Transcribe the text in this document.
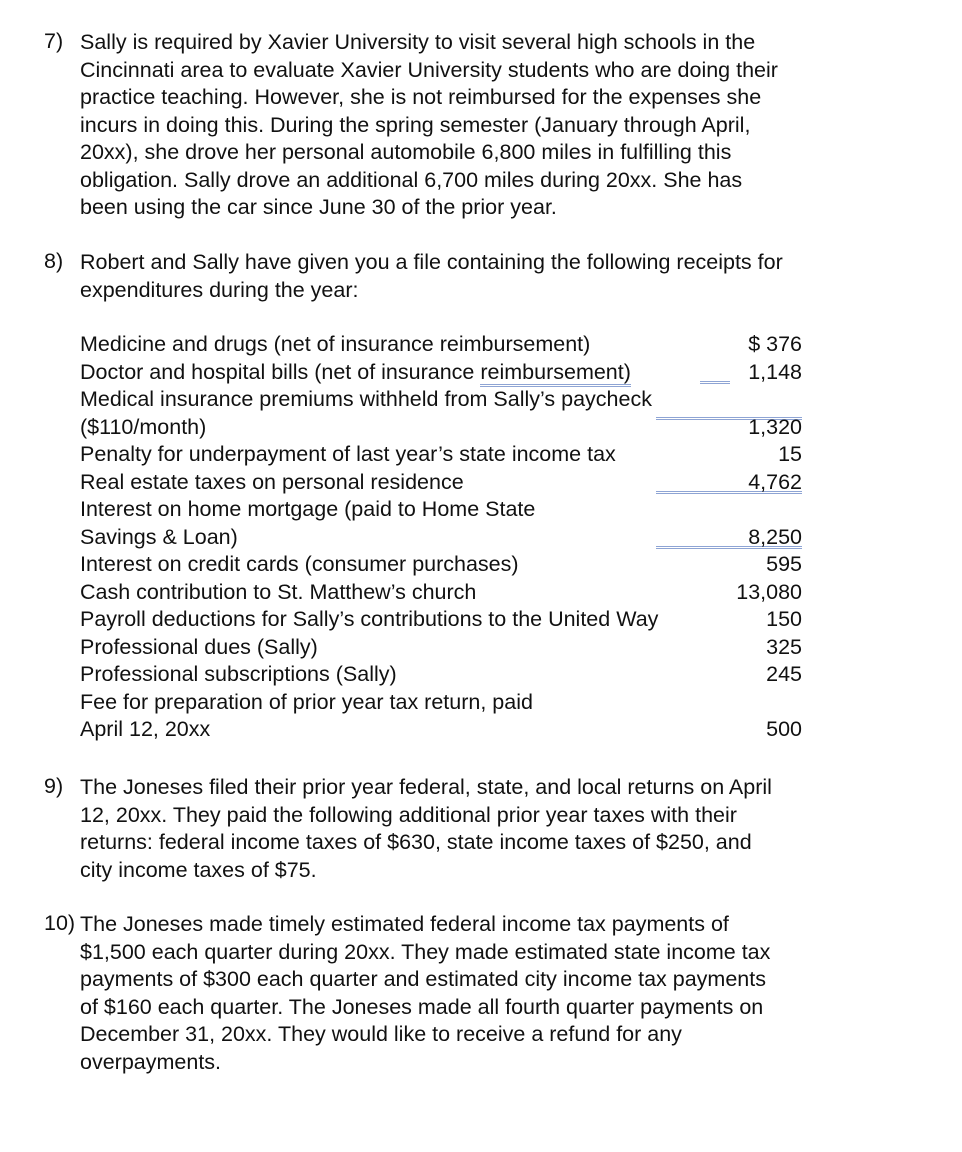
7) Sally is required by Xavier University to visit several high schools in the
Cincinnati area to evaluate Xavier University students who are doing their
practice teaching. However, she is not reimbursed for the expenses she
incurs in doing this. During the spring semester (January through April,
20xx), she drove her personal automobile 6,800 miles in fulfilling this
obligation. Sally drove an additional 6,700 miles during 20xx. She has
been using the car since June 30 of the prior year.
8) Robert and Sally have given you a file containing the following receipts for
expenditures during the year:
Medicine and drugs (net of insurance reimbursement)	$ 376
Doctor and hospital bills (net of insurance reimbursement)	1,148
Medical insurance premiums withheld from Sally’s paycheck
($110/month)	1,320
Penalty for underpayment of last year’s state income tax	15
Real estate taxes on personal residence	4,762
Interest on home mortgage (paid to Home State
Savings & Loan)	8,250
Interest on credit cards (consumer purchases)	595
Cash contribution to St. Matthew’s church	13,080
Payroll deductions for Sally’s contributions to the United Way	150
Professional dues (Sally)	325
Professional subscriptions (Sally)	245
Fee for preparation of prior year tax return, paid
April 12, 20xx	500
9) The Joneses filed their prior year federal, state, and local returns on April
12, 20xx. They paid the following additional prior year taxes with their
returns: federal income taxes of $630, state income taxes of $250, and
city income taxes of $75.
10) The Joneses made timely estimated federal income tax payments of
$1,500 each quarter during 20xx. They made estimated state income tax
payments of $300 each quarter and estimated city income tax payments
of $160 each quarter. The Joneses made all fourth quarter payments on
December 31, 20xx. They would like to receive a refund for any
overpayments.
